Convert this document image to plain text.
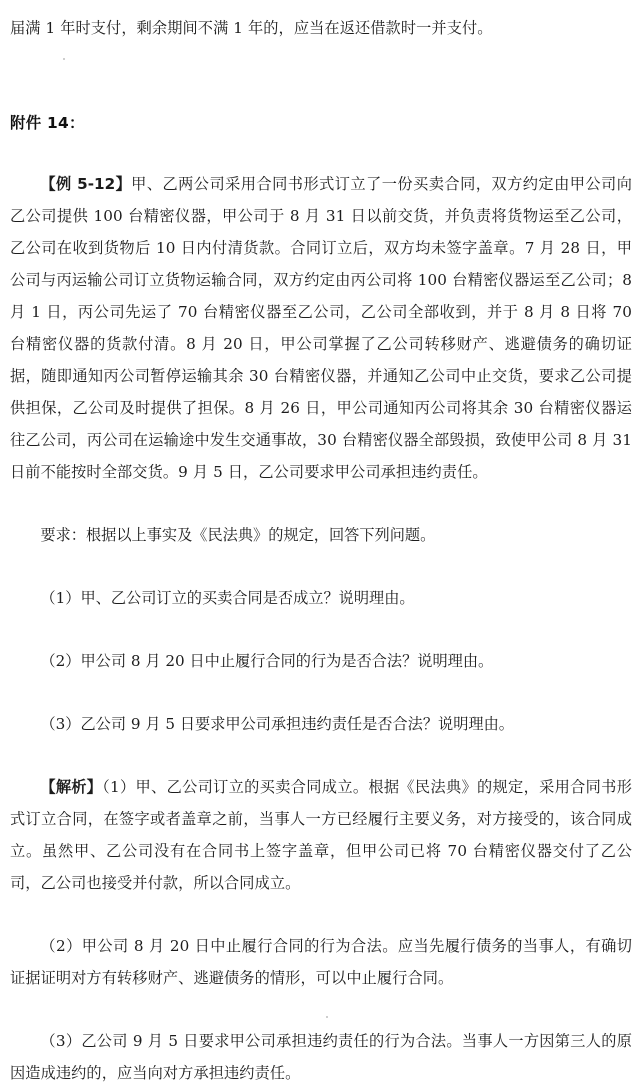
届满 1 年时支付，剩余期间不满 1 年的，应当在返还借款时一并支付。

附件 14：

【例 5-12】甲、乙两公司采用合同书形式订立了一份买卖合同，双方约定由甲公司向乙公司提供 100 台精密仪器，甲公司于 8 月 31 日以前交货，并负责将货物运至乙公司，乙公司在收到货物后 10 日内付清货款。合同订立后，双方均未签字盖章。7 月 28 日，甲公司与丙运输公司订立货物运输合同，双方约定由丙公司将 100 台精密仪器运至乙公司；8 月 1 日，丙公司先运了 70 台精密仪器至乙公司，乙公司全部收到，并于 8 月 8 日将 70 台精密仪器的货款付清。8 月 20 日，甲公司掌握了乙公司转移财产、逃避债务的确切证据，随即通知丙公司暂停运输其余 30 台精密仪器，并通知乙公司中止交货，要求乙公司提供担保，乙公司及时提供了担保。8 月 26 日，甲公司通知丙公司将其余 30 台精密仪器运往乙公司，丙公司在运输途中发生交通事故，30 台精密仪器全部毁损，致使甲公司 8 月 31 日前不能按时全部交货。9 月 5 日，乙公司要求甲公司承担违约责任。

要求：根据以上事实及《民法典》的规定，回答下列问题。

（1）甲、乙公司订立的买卖合同是否成立？说明理由。

（2）甲公司 8 月 20 日中止履行合同的行为是否合法？说明理由。

（3）乙公司 9 月 5 日要求甲公司承担违约责任是否合法？说明理由。

【解析】（1）甲、乙公司订立的买卖合同成立。根据《民法典》的规定，采用合同书形式订立合同，在签字或者盖章之前，当事人一方已经履行主要义务，对方接受的，该合同成立。虽然甲、乙公司没有在合同书上签字盖章，但甲公司已将 70 台精密仪器交付了乙公司，乙公司也接受并付款，所以合同成立。

（2）甲公司 8 月 20 日中止履行合同的行为合法。应当先履行债务的当事人，有确切证据证明对方有转移财产、逃避债务的情形，可以中止履行合同。

（3）乙公司 9 月 5 日要求甲公司承担违约责任的行为合法。当事人一方因第三人的原因造成违约的，应当向对方承担违约责任。
